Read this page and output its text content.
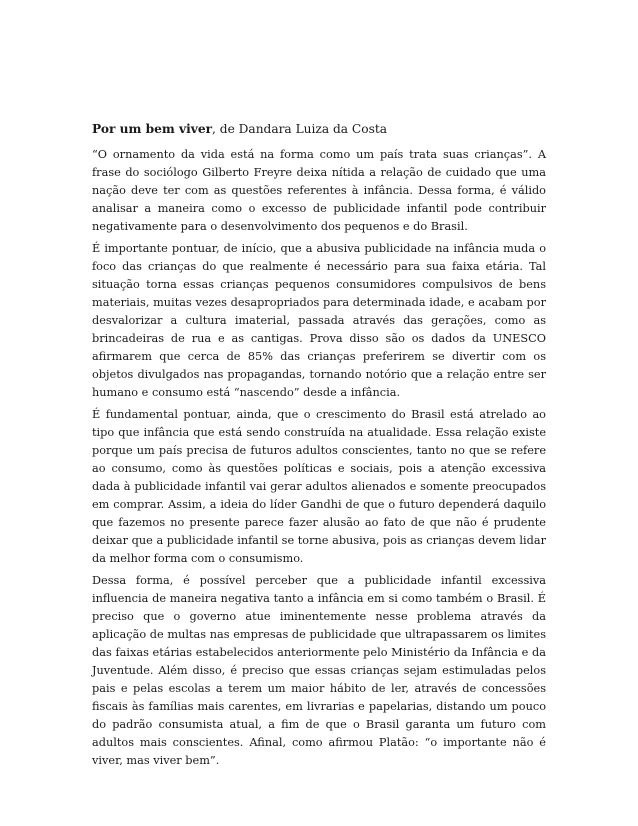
Por um bem viver, de Dandara Luiza da Costa

“O ornamento da vida está na forma como um país trata suas crianças”. A frase do sociólogo Gilberto Freyre deixa nítida a relação de cuidado que uma nação deve ter com as questões referentes à infância. Dessa forma, é válido analisar a maneira como o excesso de publicidade infantil pode contribuir negativamente para o desenvolvimento dos pequenos e do Brasil.

É importante pontuar, de início, que a abusiva publicidade na infância muda o foco das crianças do que realmente é necessário para sua faixa etária. Tal situação torna essas crianças pequenos consumidores compulsivos de bens materiais, muitas vezes desapropriados para determinada idade, e acabam por desvalorizar a cultura imaterial, passada através das gerações, como as brincadeiras de rua e as cantigas. Prova disso são os dados da UNESCO afirmarem que cerca de 85% das crianças preferirem se divertir com os objetos divulgados nas propagandas, tornando notório que a relação entre ser humano e consumo está “nascendo” desde a infância.

É fundamental pontuar, ainda, que o crescimento do Brasil está atrelado ao tipo que infância que está sendo construída na atualidade. Essa relação existe porque um país precisa de futuros adultos conscientes, tanto no que se refere ao consumo, como às questões políticas e sociais, pois a atenção excessiva dada à publicidade infantil vai gerar adultos alienados e somente preocupados em comprar. Assim, a ideia do líder Gandhi de que o futuro dependerá daquilo que fazemos no presente parece fazer alusão ao fato de que não é prudente deixar que a publicidade infantil se torne abusiva, pois as crianças devem lidar da melhor forma com o consumismo.

Dessa forma, é possível perceber que a publicidade infantil excessiva influencia de maneira negativa tanto a infância em si como também o Brasil. É preciso que o governo atue iminentemente nesse problema através da aplicação de multas nas empresas de publicidade que ultrapassarem os limites das faixas etárias estabelecidos anteriormente pelo Ministério da Infância e da Juventude. Além disso, é preciso que essas crianças sejam estimuladas pelos pais e pelas escolas a terem um maior hábito de ler, através de concessões fiscais às famílias mais carentes, em livrarias e papelarias, distando um pouco do padrão consumista atual, a fim de que o Brasil garanta um futuro com adultos mais conscientes. Afinal, como afirmou Platão: “o importante não é viver, mas viver bem”.
